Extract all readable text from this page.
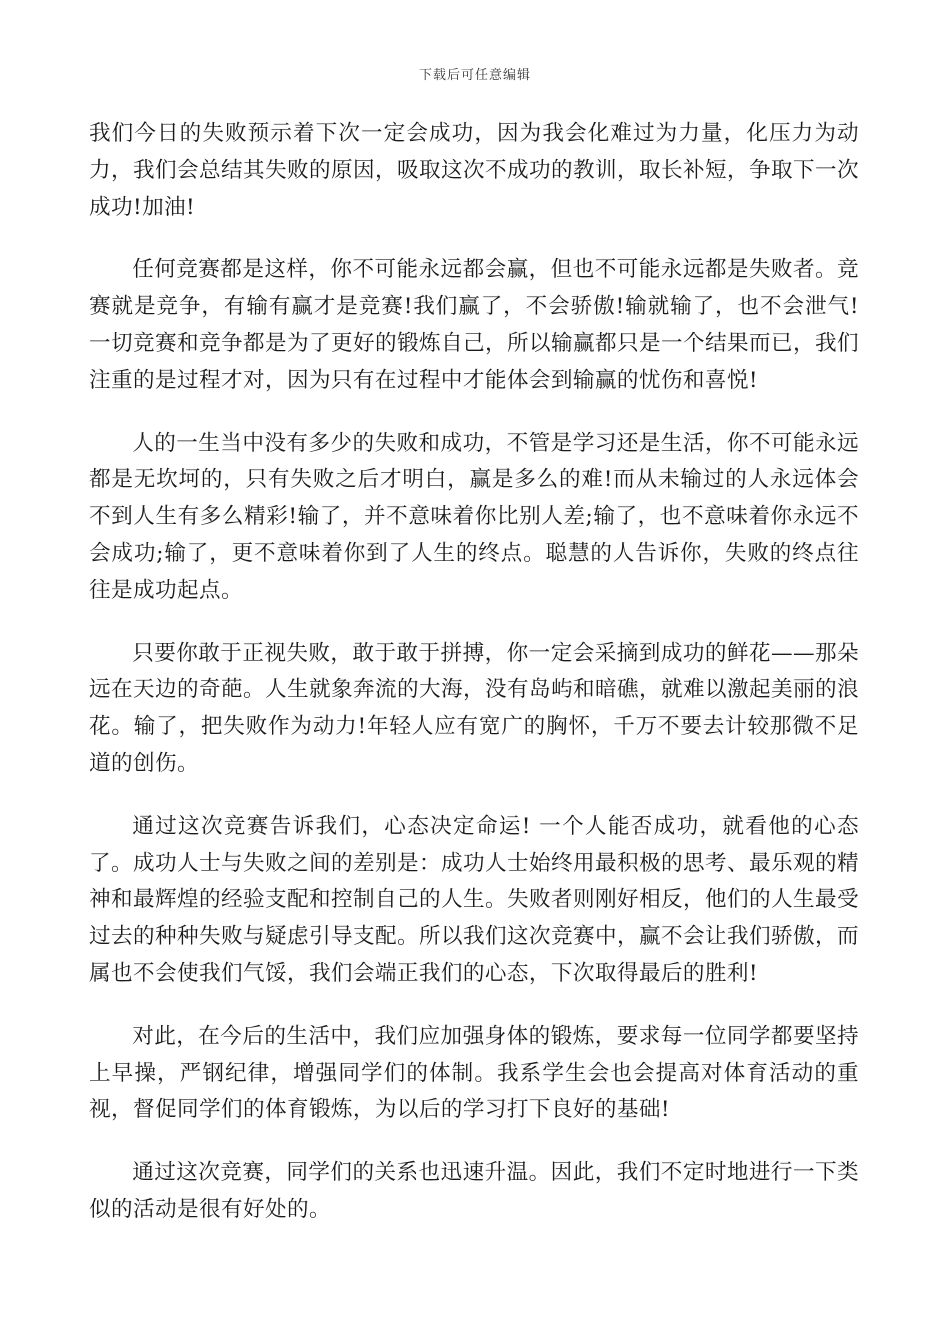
下载后可任意编辑

我们今日的失败预示着下次一定会成功，因为我会化难过为力量，化压力为动力，我们会总结其失败的原因，吸取这次不成功的教训，取长补短，争取下一次成功!加油!

任何竞赛都是这样，你不可能永远都会赢，但也不可能永远都是失败者。竞赛就是竞争，有输有赢才是竞赛!我们赢了，不会骄傲!输就输了，也不会泄气!一切竞赛和竞争都是为了更好的锻炼自己，所以输赢都只是一个结果而已，我们注重的是过程才对，因为只有在过程中才能体会到输赢的忧伤和喜悦!

人的一生当中没有多少的失败和成功，不管是学习还是生活，你不可能永远都是无坎坷的，只有失败之后才明白，赢是多么的难!而从未输过的人永远体会不到人生有多么精彩!输了，并不意味着你比别人差;输了，也不意味着你永远不会成功;输了，更不意味着你到了人生的终点。聪慧的人告诉你，失败的终点往往是成功起点。

只要你敢于正视失败，敢于敢于拼搏，你一定会采摘到成功的鲜花——那朵远在天边的奇葩。人生就象奔流的大海，没有岛屿和暗礁，就难以激起美丽的浪花。输了，把失败作为动力!年轻人应有宽广的胸怀，千万不要去计较那微不足道的创伤。

通过这次竞赛告诉我们，心态决定命运! 一个人能否成功，就看他的心态了。成功人士与失败之间的差别是：成功人士始终用最积极的思考、最乐观的精神和最辉煌的经验支配和控制自己的人生。失败者则刚好相反，他们的人生最受过去的种种失败与疑虑引导支配。所以我们这次竞赛中，赢不会让我们骄傲，而属也不会使我们气馁，我们会端正我们的心态，下次取得最后的胜利!

对此，在今后的生活中，我们应加强身体的锻炼，要求每一位同学都要坚持上早操，严钢纪律，增强同学们的体制。我系学生会也会提高对体育活动的重视，督促同学们的体育锻炼，为以后的学习打下良好的基础!

通过这次竞赛，同学们的关系也迅速升温。因此，我们不定时地进行一下类似的活动是很有好处的。
